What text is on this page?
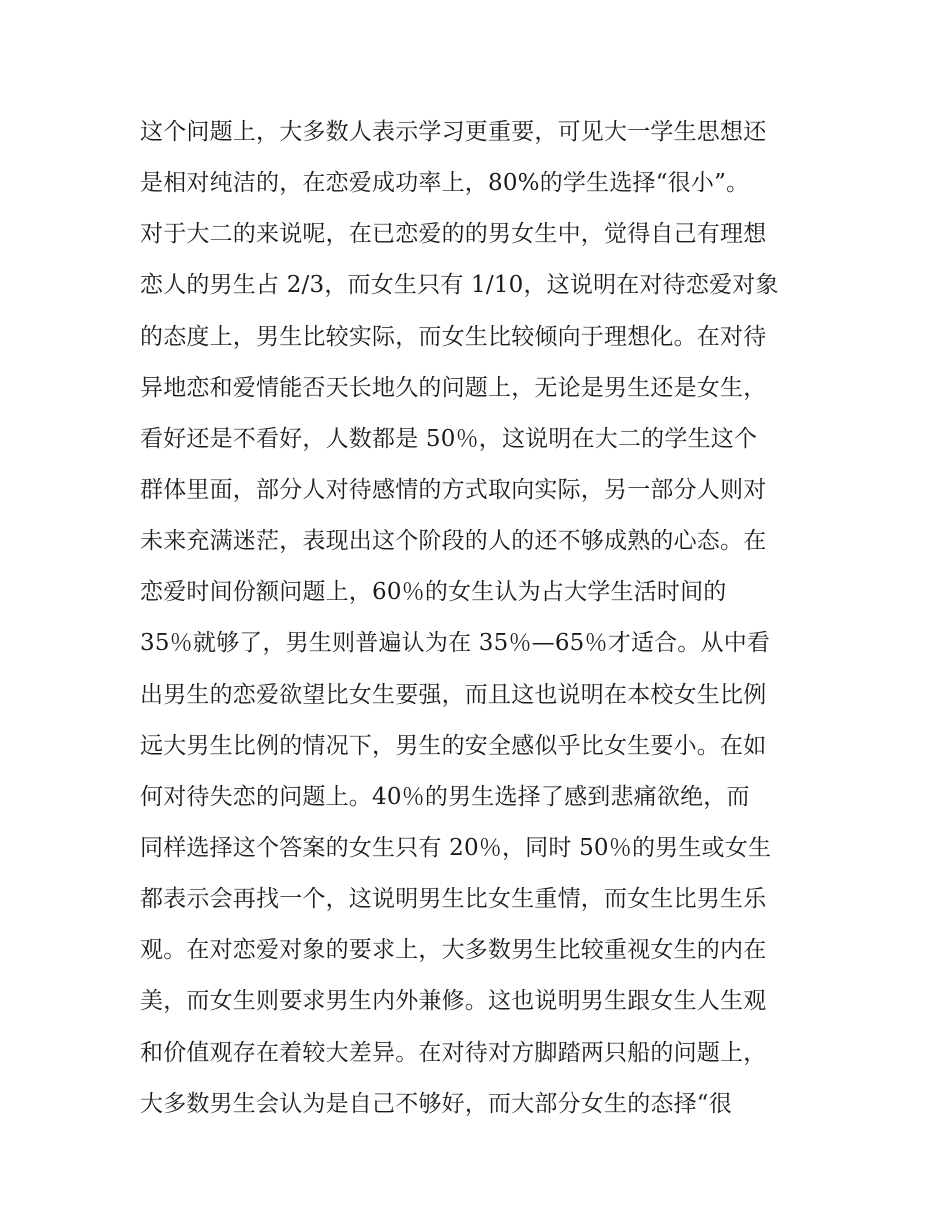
这个问题上，大多数人表示学习更重要，可见大一学生思想还
是相对纯洁的，在恋爱成功率上，80%的学生选择“很小”。
对于大二的来说呢，在已恋爱的的男女生中，觉得自己有理想
恋人的男生占 2/3，而女生只有 1/10，这说明在对待恋爱对象
的态度上，男生比较实际，而女生比较倾向于理想化。在对待
异地恋和爱情能否天长地久的问题上，无论是男生还是女生，
看好还是不看好，人数都是 50％，这说明在大二的学生这个
群体里面，部分人对待感情的方式取向实际，另一部分人则对
未来充满迷茫，表现出这个阶段的人的还不够成熟的心态。在
恋爱时间份额问题上，60％的女生认为占大学生活时间的
35％就够了，男生则普遍认为在 35％—65％才适合。从中看
出男生的恋爱欲望比女生要强，而且这也说明在本校女生比例
远大男生比例的情况下，男生的安全感似乎比女生要小。在如
何对待失恋的问题上。40％的男生选择了感到悲痛欲绝，而
同样选择这个答案的女生只有 20％，同时 50％的男生或女生
都表示会再找一个，这说明男生比女生重情，而女生比男生乐
观。在对恋爱对象的要求上，大多数男生比较重视女生的内在
美，而女生则要求男生内外兼修。这也说明男生跟女生人生观
和价值观存在着较大差异。在对待对方脚踏两只船的问题上，
大多数男生会认为是自己不够好，而大部分女生的态择“很
